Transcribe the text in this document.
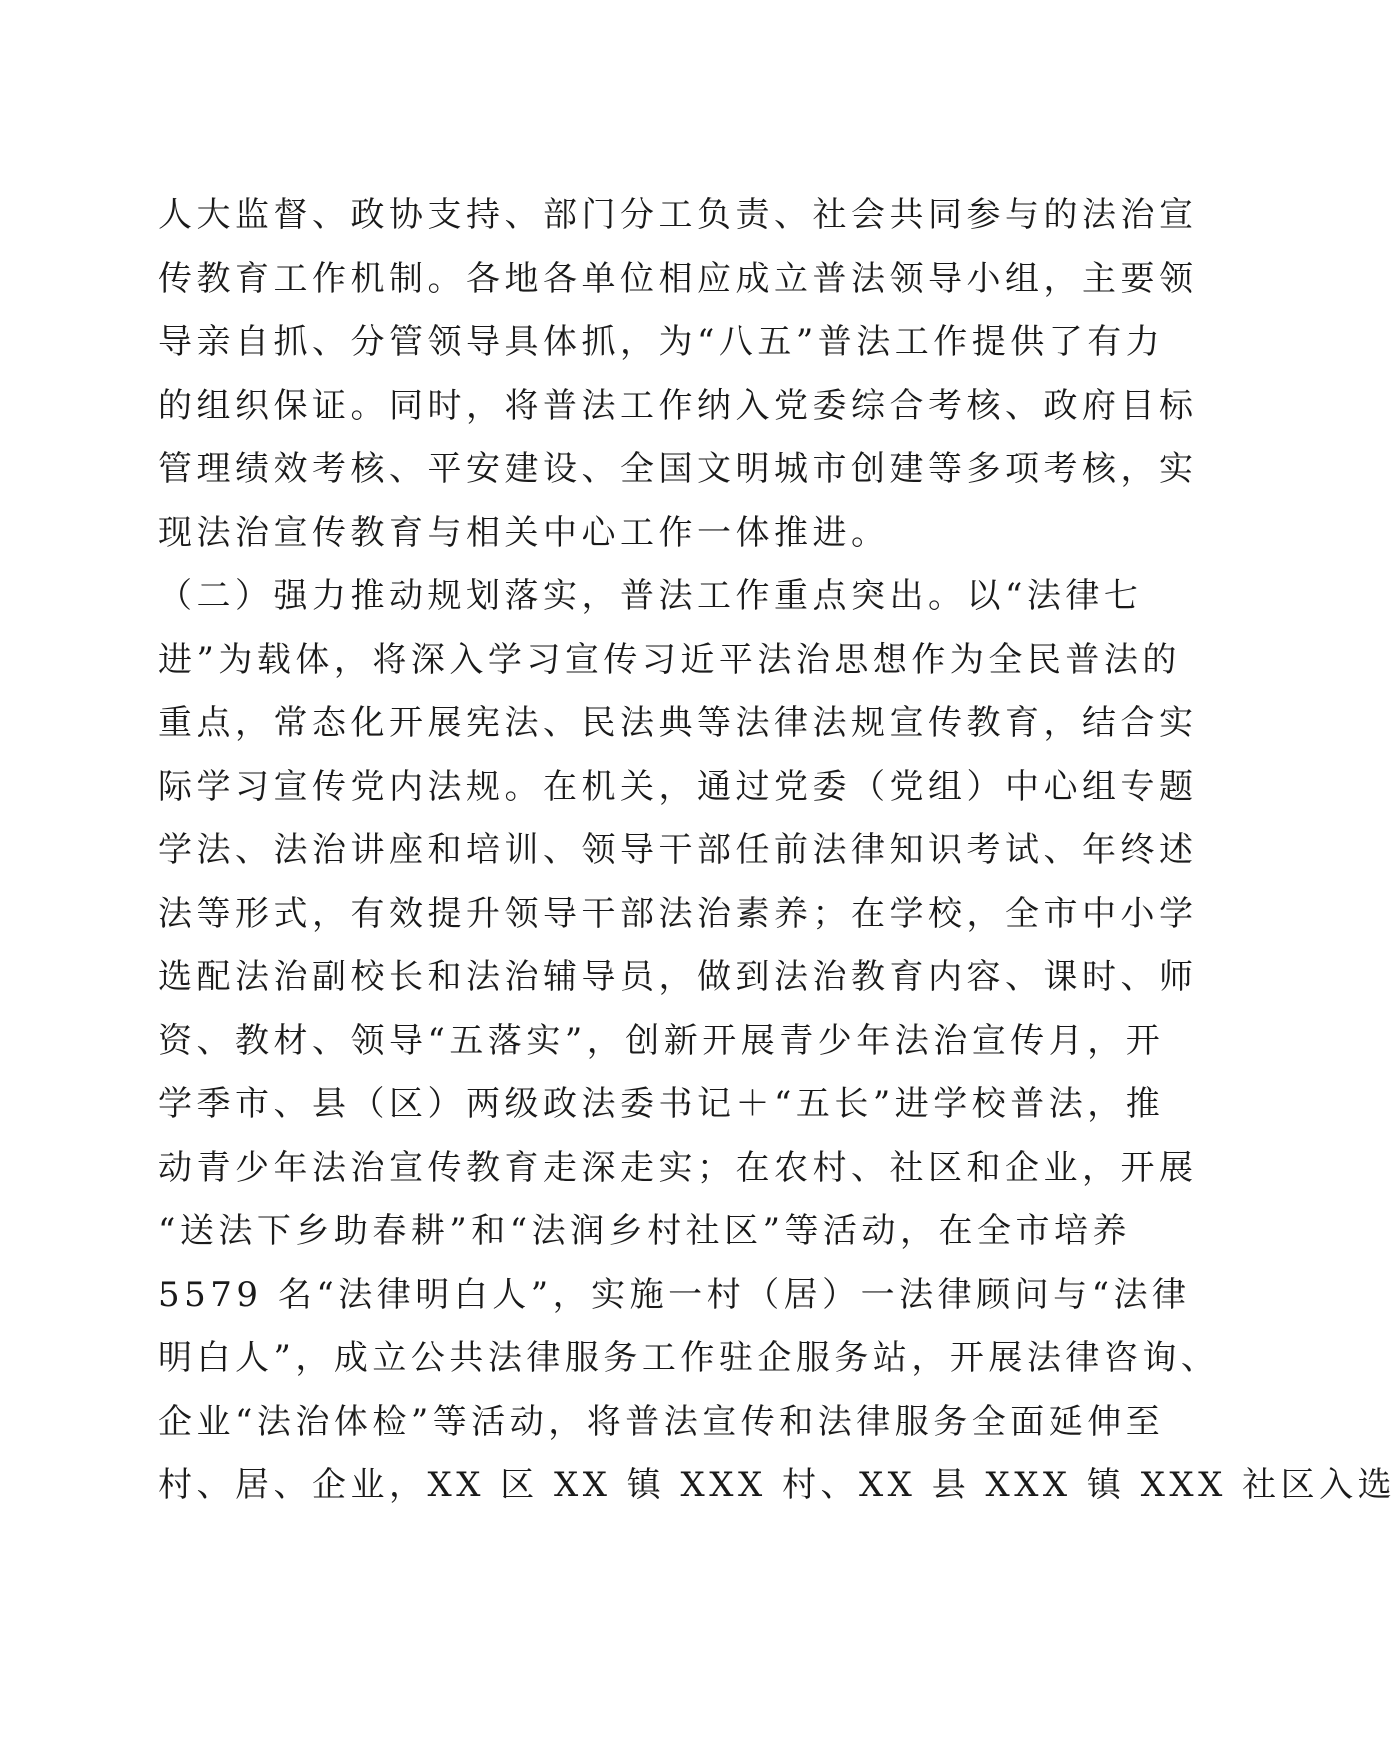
人大监督、政协支持、部门分工负责、社会共同参与的法治宣
传教育工作机制。各地各单位相应成立普法领导小组，主要领
导亲自抓、分管领导具体抓，为“八五”普法工作提供了有力
的组织保证。同时，将普法工作纳入党委综合考核、政府目标
管理绩效考核、平安建设、全国文明城市创建等多项考核，实
现法治宣传教育与相关中心工作一体推进。
（二）强力推动规划落实，普法工作重点突出。以“法律七
进”为载体，将深入学习宣传习近平法治思想作为全民普法的
重点，常态化开展宪法、民法典等法律法规宣传教育，结合实
际学习宣传党内法规。在机关，通过党委（党组）中心组专题
学法、法治讲座和培训、领导干部任前法律知识考试、年终述
法等形式，有效提升领导干部法治素养；在学校，全市中小学
选配法治副校长和法治辅导员，做到法治教育内容、课时、师
资、教材、领导“五落实”，创新开展青少年法治宣传月，开
学季市、县（区）两级政法委书记＋“五长”进学校普法，推
动青少年法治宣传教育走深走实；在农村、社区和企业，开展
“送法下乡助春耕”和“法润乡村社区”等活动，在全市培养
5579 名“法律明白人”，实施一村（居）一法律顾问与“法律
明白人”，成立公共法律服务工作驻企服务站，开展法律咨询、
企业“法治体检”等活动，将普法宣传和法律服务全面延伸至
村、居、企业，XX 区 XX 镇 XXX 村、XX 县 XXX 镇 XXX 社区入选
